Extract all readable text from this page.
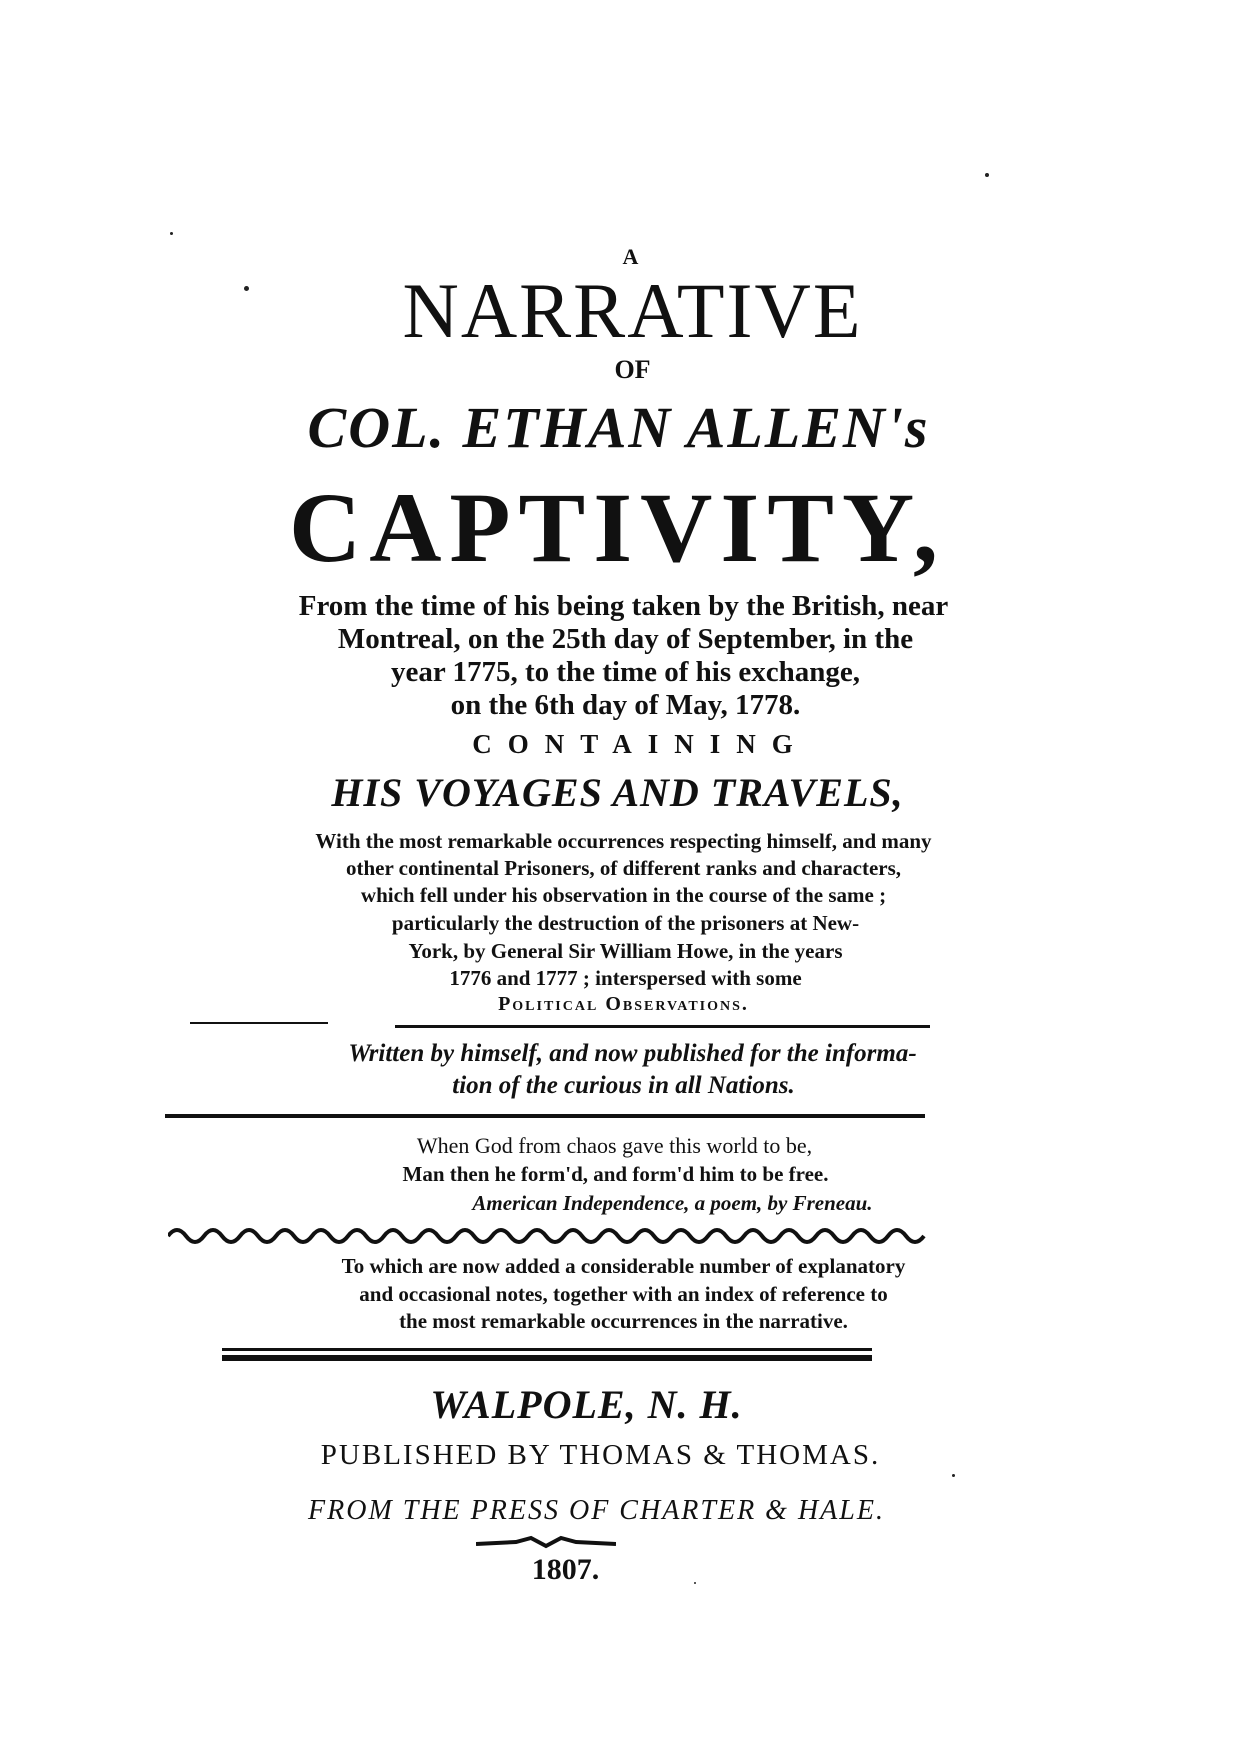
A

NARRATIVE

OF

COL. ETHAN ALLEN's

CAPTIVITY,

From the time of his being taken by the British, near

Montreal, on the 25th day of September, in the

year 1775, to the time of his exchange,

on the 6th day of May, 1778.

CONTAINING

HIS VOYAGES AND TRAVELS,

With the most remarkable occurrences respecting himself, and many

other continental Prisoners, of different ranks and characters,

which fell under his observation in the course of the same ;

particularly the destruction of the prisoners at New-

York, by General Sir William Howe, in the years

1776 and 1777 ; interspersed with some

Political Observations.

Written by himself, and now published for the informa-

tion of the curious in all Nations.

When God from chaos gave this world to be,

Man then he form'd, and form'd him to be free.

American Independence, a poem, by Freneau.

To which are now added a considerable number of explanatory

and occasional notes, together with an index of reference to

the most remarkable occurrences in the narrative.

WALPOLE, N. H.

PUBLISHED BY THOMAS & THOMAS.

FROM THE PRESS OF CHARTER & HALE.

1807.
